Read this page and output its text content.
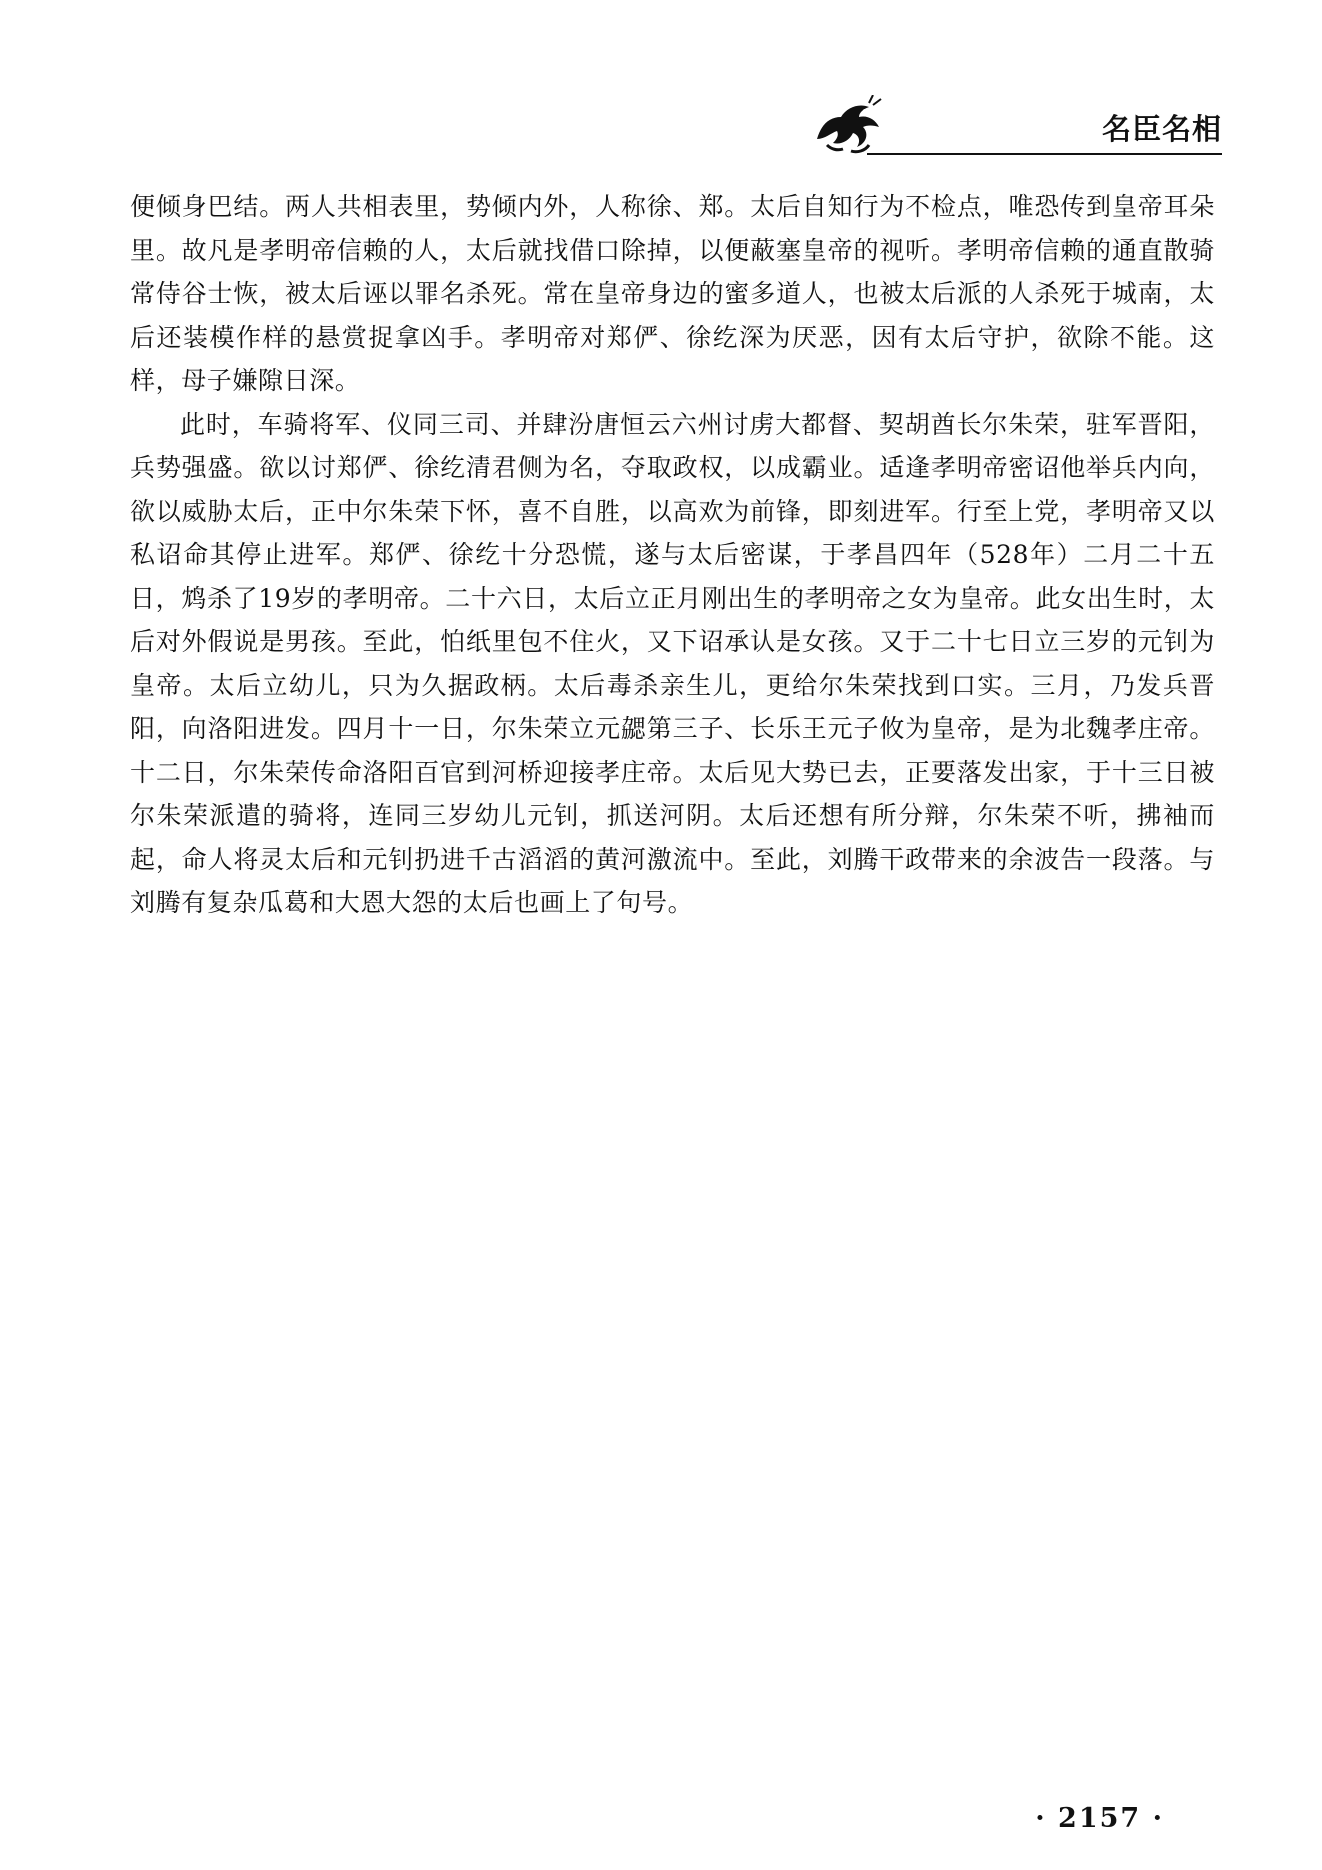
名臣名相

便倾身巴结。两人共相表里，势倾内外，人称徐、郑。太后自知行为不检点，唯恐传到皇帝耳朵里。故凡是孝明帝信赖的人，太后就找借口除掉，以便蔽塞皇帝的视听。孝明帝信赖的通直散骑常侍谷士恢，被太后诬以罪名杀死。常在皇帝身边的蜜多道人，也被太后派的人杀死于城南，太后还装模作样的悬赏捉拿凶手。孝明帝对郑俨、徐纥深为厌恶，因有太后守护，欲除不能。这样，母子嫌隙日深。

此时，车骑将军、仪同三司、并肆汾唐恒云六州讨虏大都督、契胡酋长尔朱荣，驻军晋阳，兵势强盛。欲以讨郑俨、徐纥清君侧为名，夺取政权，以成霸业。适逢孝明帝密诏他举兵内向，欲以威胁太后，正中尔朱荣下怀，喜不自胜，以高欢为前锋，即刻进军。行至上党，孝明帝又以私诏命其停止进军。郑俨、徐纥十分恐慌，遂与太后密谋，于孝昌四年（528年）二月二十五日，鸩杀了19岁的孝明帝。二十六日，太后立正月刚出生的孝明帝之女为皇帝。此女出生时，太后对外假说是男孩。至此，怕纸里包不住火，又下诏承认是女孩。又于二十七日立三岁的元钊为皇帝。太后立幼儿，只为久据政柄。太后毒杀亲生儿，更给尔朱荣找到口实。三月，乃发兵晋阳，向洛阳进发。四月十一日，尔朱荣立元勰第三子、长乐王元子攸为皇帝，是为北魏孝庄帝。十二日，尔朱荣传命洛阳百官到河桥迎接孝庄帝。太后见大势已去，正要落发出家，于十三日被尔朱荣派遣的骑将，连同三岁幼儿元钊，抓送河阴。太后还想有所分辩，尔朱荣不听，拂袖而起，命人将灵太后和元钊扔进千古滔滔的黄河激流中。至此，刘腾干政带来的余波告一段落。与刘腾有复杂瓜葛和大恩大怨的太后也画上了句号。

· 2157 ·
